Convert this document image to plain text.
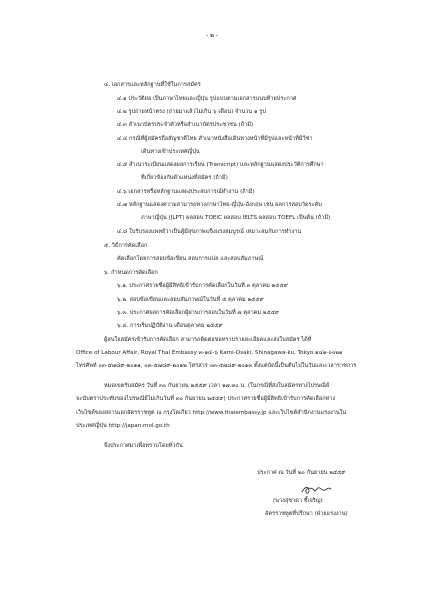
- ๒ -
๔. เอกสารและหลักฐานที่ใช้ในการสมัคร
๔.๑ ประวัติย่อ เป็นภาษาไทยและญี่ปุ่น รูปแบบตามเอกสารแนบท้ายประกาศ
๔.๒ รูปถ่ายหน้าตรง (ถ่ายมาแล้วไม่เกิน ๖ เดือน) จำนวน ๑ รูป
๔.๓ สำเนาบัตรประจำตัวหรือสำเนาบัตรประชาชน (ถ้ามี)
๔.๔ กรณีที่ผู้สมัครถือสัญชาติไทย สำเนาหนังสือเดินทางหน้าที่มีรูปและหน้าที่มีวีซ่า
เดินทางเข้าประเทศญี่ปุ่น
๔.๕ สำเนาระเบียนแสดงผลการเรียน (Transcript) และหลักฐานแสดงประวัติการศึกษา
ที่เกี่ยวข้องกับตำแหน่งที่สมัคร (ถ้ามี)
๔.๖ เอกสารหรือหลักฐานแสดงประสบการณ์ทำงาน (ถ้ามี)
๔.๗ หลักฐานแสดงความสามารถทางภาษาไทย-ญี่ปุ่น-อังกฤษ เช่น ผลการสอบวัดระดับ
ภาษาญี่ปุ่น (JLPT) ผลสอบ TOEIC ผลสอบ IELTS ผลสอบ TOEFL เป็นต้น (ถ้ามี)
๔.๘ ใบรับรองแพทย์ว่าเป็นผู้มีสุขภาพแข็งแรงสมบูรณ์ เหมาะสมกับการทำงาน
๕. วิธีการคัดเลือก
คัดเลือกโดยการสอบข้อเขียน สอบการแปล และสอบสัมภาษณ์
๖. กำหนดการคัดเลือก
๖.๑. ประกาศรายชื่อผู้มีสิทธิเข้ารับการคัดเลือกในวันที่ ๓ ตุลาคม ๒๕๕๙
๖.๒. สอบข้อเขียนและสอบสัมภาษณ์ในวันที่ ๕ ตุลาคม ๒๕๕๙
๖.๓. ประกาศผลการคัดเลือกผู้ผ่านการสอบในวันที่ ๗ ตุลาคม ๒๕๕๙
๖.๔. การเริ่มปฏิบัติงาน เดือนตุลาคม ๒๕๕๙
ผู้สนใจสมัครเข้ารับการคัดเลือก สามารถติดต่อขอทราบรายละเอียดและส่งใบสมัคร ได้ที่
Office of Labour Affair, Royal Thai Embassy ๓-๑๔-๖ Kami-Osaki, Shinagawa-ku, Tokyo.๑๔๑-๐๐๒๑
โทรศัพท์ ๐๓-๕๗๘๙-๒๐๑๑, ๐๓-๕๗๘๙-๒๐๑๒ โทรสาร ๐๓-๕๗๘๙-๒๐๑๓ ตั้งแต่บัดนี้เป็นต้นไปในวันและเวลาราชการ
หมดเขตรับสมัคร วันที่ ๓๐ กันยายน ๒๕๕๙ เวลา ๑๗.๓๐ น. (ในกรณีที่ส่งใบสมัครทางไปรษณีย์
จะนับตราประทับของไปรษณีย์ไม่เกินวันที่ ๓๐ กันยายน ๒๕๕๙) ประกาศรายชื่อผู้มีสิทธิเข้ารับการคัดเลือกทาง
เว็บไซต์ของสถานเอกอัครราชทูต ณ กรุงโตเกียว http://www.thaiembassy.jp และเว็บไซต์สำนักงานแรงงานใน
ประเทศญี่ปุ่น http://japan.mol.go.th
จึงประกาศมาเพื่อทราบโดยทั่วกัน
ประกาศ ณ วันที่ ๒๐ กันยายน ๒๕๕๙
(นางสุชาดา ชี้เจริญ)
อัครราชทูตที่ปรึกษา (ฝ่ายแรงงาน)
